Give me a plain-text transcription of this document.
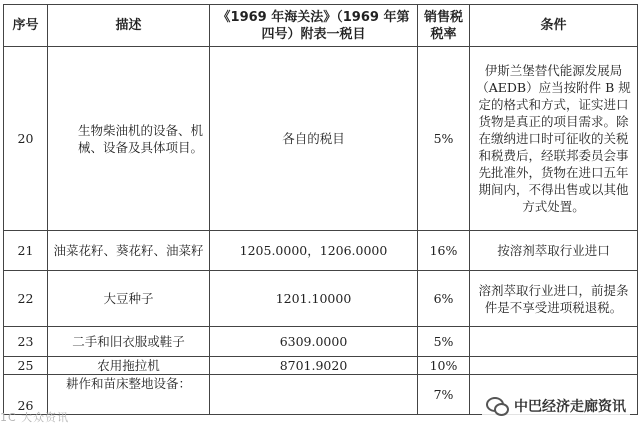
序号	描述	《1969 年海关法》（1969 年第四号）附表一税目	销售税税率	条件
20	生物柴油机的设备、机械、设备及具体项目。	各自的税目	5%	伊斯兰堡替代能源发展局（AEDB）应当按附件 B 规定的格式和方式，证实进口货物是真正的项目需求。除在缴纳进口时可征收的关税和税费后，经联邦委员会事先批准外，货物在进口五年期间内，不得出售或以其他方式处置。
21	油菜花籽、葵花籽、油菜籽	1205.0000，1206.0000	16%	按溶剂萃取行业进口
22	大豆种子	1201.10000	6%	溶剂萃取行业进口，前提条件是不享受进项税退税。
23	二手和旧衣服或鞋子	6309.0000	5%	
25	农用拖拉机	8701.9020	10%	
26	耕作和苗床整地设备：		7%	
1C 大众资讯
中巴经济走廊资讯
